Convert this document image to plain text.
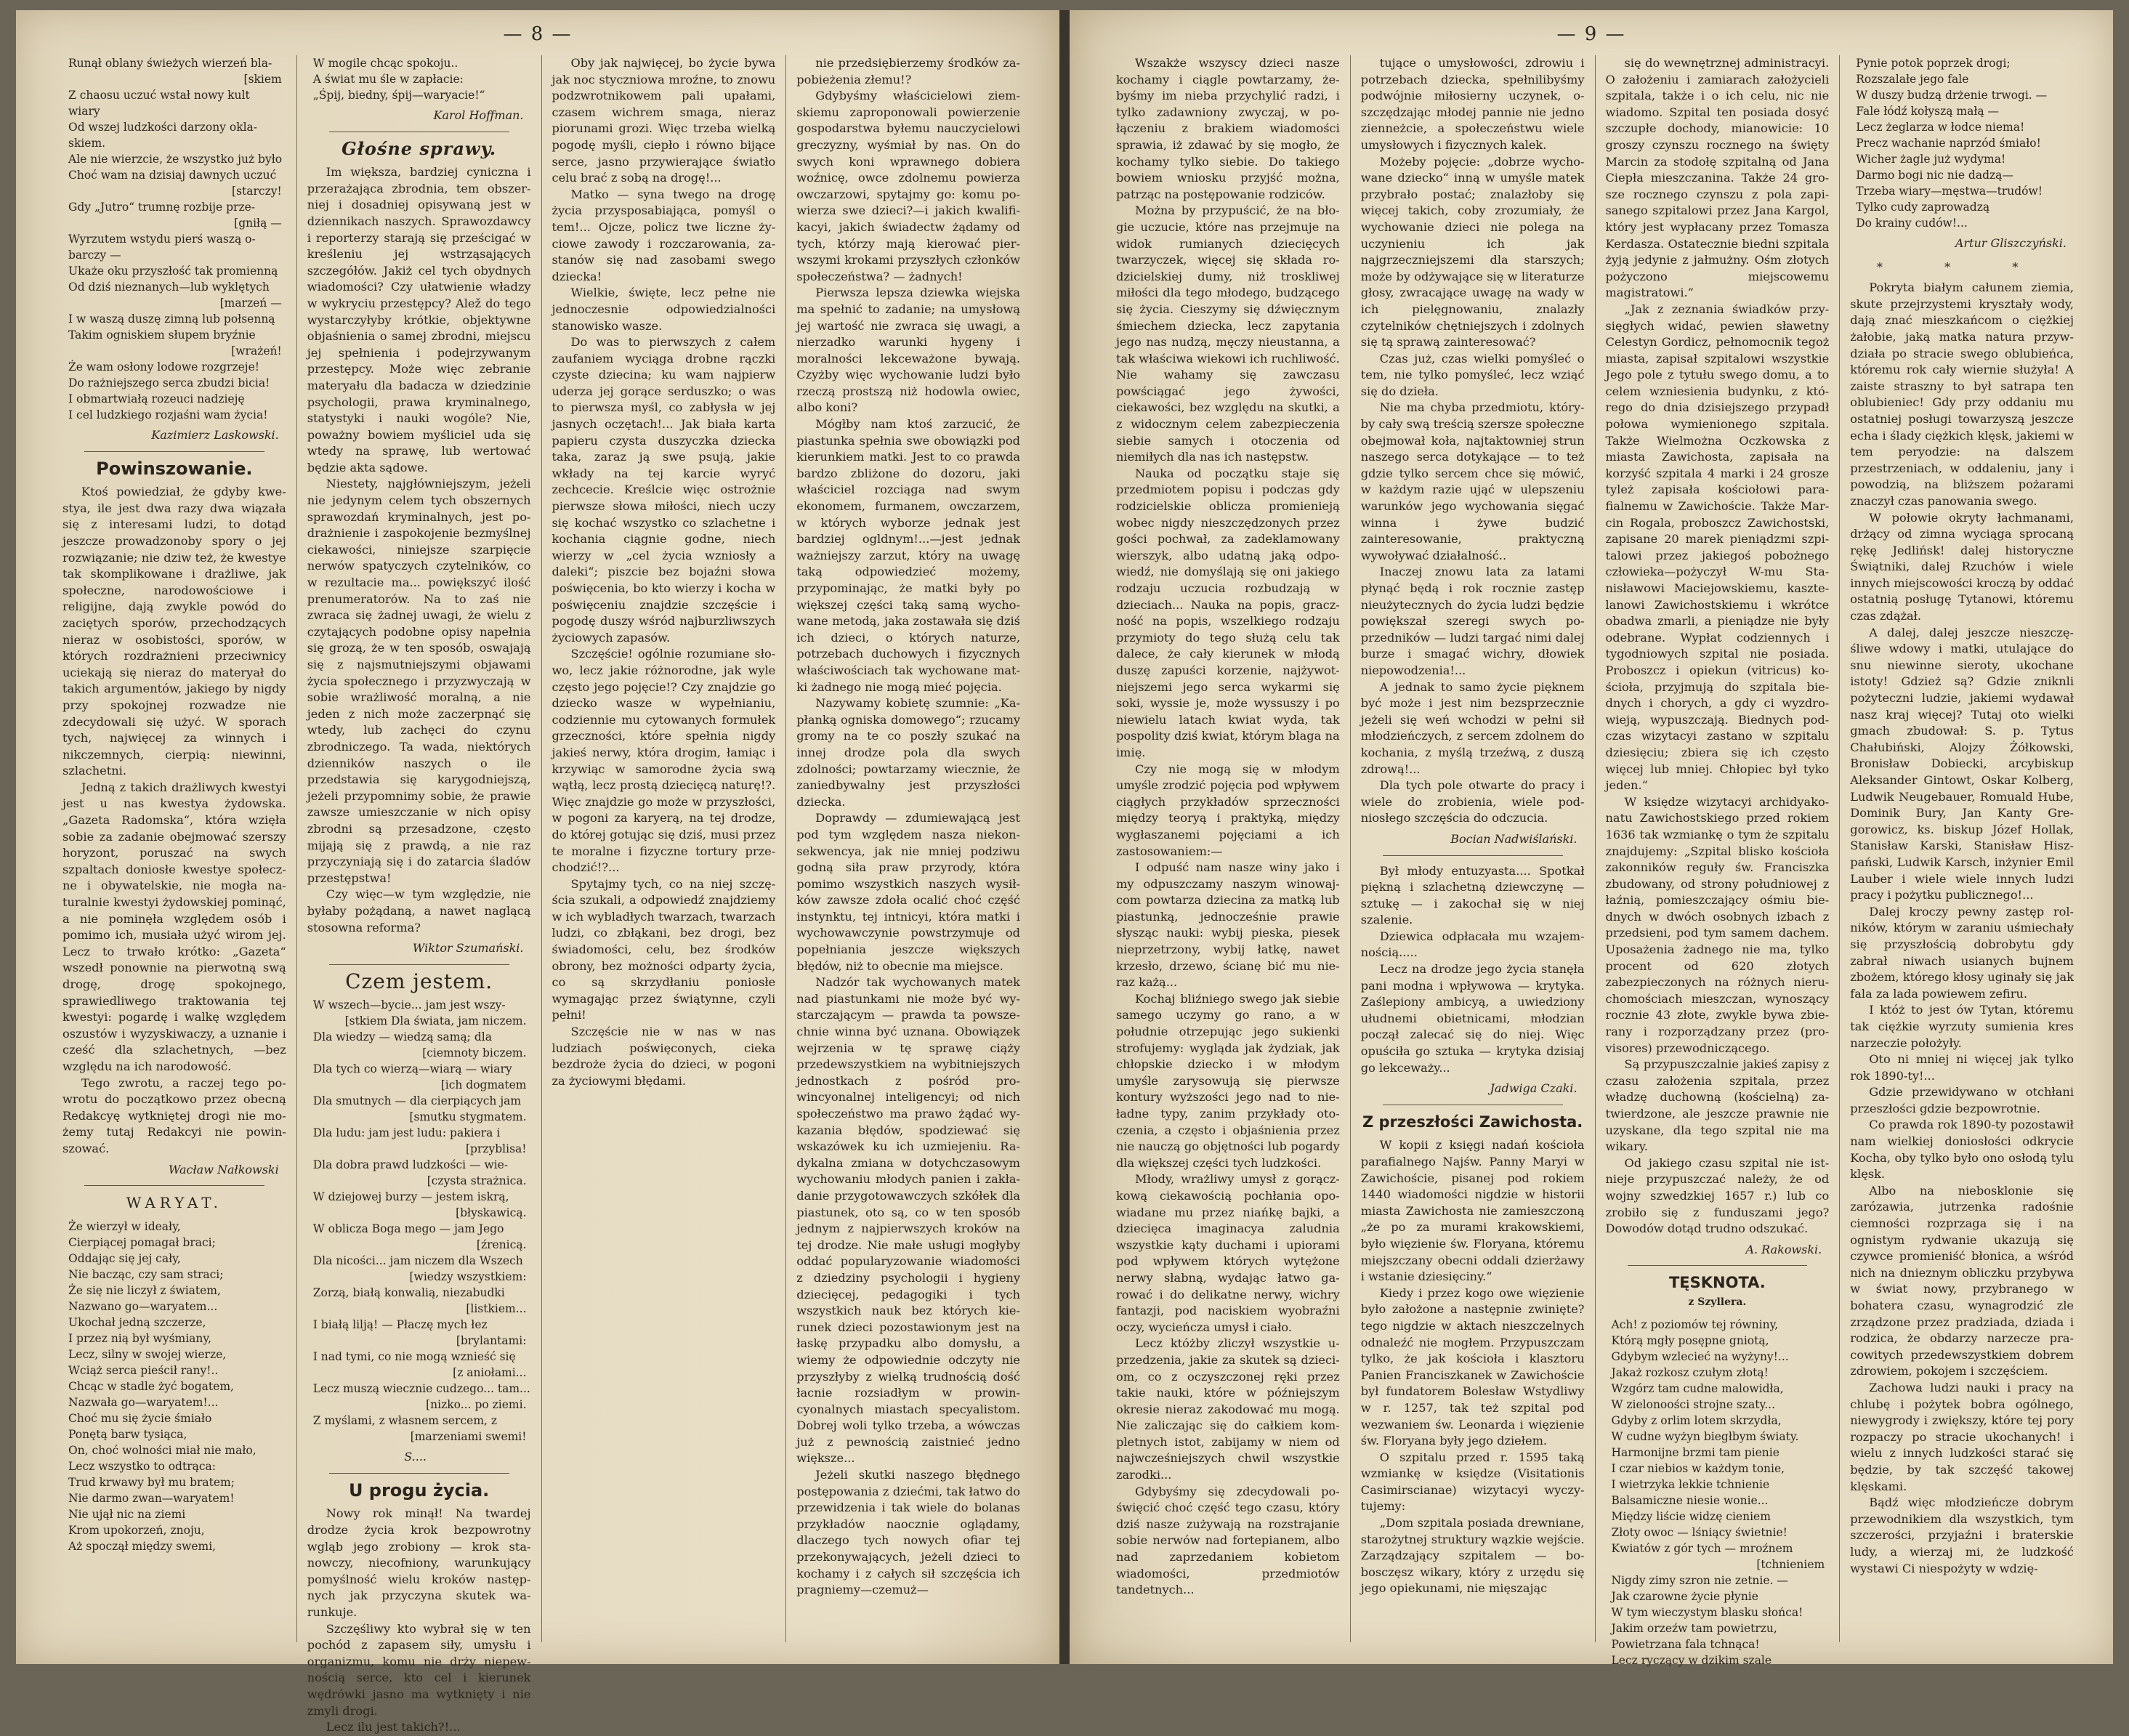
— 8 —
Runął oblany świeżych wierzeń bla-
[skiem
Z chaosu uczuć wstał nowy kult
wiary
Od wszej ludzkości darzony oklaskiem.
Ale nie wierzcie, że wszystko już było
Choć wam na dzisiaj dawnych uczuć
[starczy!
Gdy „Jutro“ trumnę rozbije prze-
[gniłą —
Wyrzutem wstydu pierś waszą o-
barczy —
Ukaże oku przyszłość tak promienną
Od dziś nieznanych—lub wyklętych
[marzeń —
I w waszą duszę zimną lub połsenną
Takim ogniskiem słupem bryźnie
[wrażeń!
Że wam osłony lodowe rozgrzeje!
Do rażniejszego serca zbudzi bicia!
I obmartwiałą rozeuci nadzieję
I cel ludzkiego rozjaśni wam życia!
Kazimierz Laskowski.
Powinszowanie.

Ktoś powiedział, że gdyby kwestya, ile jest dwa razy dwa wiązała się z interesami ludzi, to dotąd jeszcze prowadzonoby spory o jej rozwiązanie; nie dziw też, że kwestye tak skomplikowane i drażliwe, jak społeczne, narodowościowe i religijne, dają zwykle powód do zaciętych sporów, przechodzących nieraz w osobistości, sporów, w których rozdrażnieni przeciwnicy uciekają się nieraz do materyał do takich argumentów, jakiego by nigdy przy spokojnej rozwadze nie zdecydowali się użyć. W sporach tych, najwięcej za winnych i nikczemnych, cierpią: niewinni, szlachetni.

Jedną z takich drażliwych kwestyi jest u nas kwestya żydowska. „Gazeta Radomska“, która wzięła sobie za zadanie obejmować szerszy horyzont, poruszać na swych szpaltach doniosłe kwestye społeczne i obywatelskie, nie mogła naturalnie kwestyi żydowskiej pominąć, a nie pominęła względem osób i pomimo ich, musiała użyć wirom jej. Lecz to trwało krótko: „Gazeta“ wszedł ponownie na pierwotną swą drogę, drogę spokojnego, sprawiedliwego traktowania tej kwestyi: pogardę i walkę względem oszustów i wyzyskiwaczy, a uznanie i cześć dla szlachetnych, —bez względu na ich narodowość.

Tego zwrotu, a raczej tego powrotu do początkowo przez obecną Redakcyę wytkniętej drogi nie możemy tutaj Redakcyi nie powinszować.

Wacław Nałkowski
WARYAT.
Że wierzył w ideały,
Cierpiącej pomagał braci;
Oddając się jej cały,
Nie bacząc, czy sam straci;
Że się nie liczył z światem,
Nazwano go—waryatem...
Ukochał jedną szczerze,
I przez nią był wyśmiany,
Lecz, silny w swojej wierze,
Wciąż serca pieścił rany!..
Chcąc w stadle żyć bogatem,
Nazwała go—waryatem!...
Choć mu się życie śmiało
Ponętą barw tysiąca,
On, choć wolności miał nie mało,
Lecz wszystko to odtrąca:
Trud krwawy był mu bratem;
Nie darmo zwan—waryatem!
Nie ujął nic na ziemi
Krom upokorzeń, znoju,
Aż spoczął między swemi,
W mogile chcąc spokoju..
A świat mu śle w zapłacie:
„Śpij, biedny, śpij—waryacie!“
Karol Hoffman.
Głośne sprawy.

Im większa, bardziej cyniczna i przerażająca zbrodnia, tem obszerniej i dosadniej opisywaną jest w dziennikach naszych. Sprawozdawcy i reporterzy starają się prześcigać w kreśleniu jej wstrząsających szczegółów. Jakiż cel tych obydnych wiadomości? Czy ułatwienie władzy w wykryciu przestępcy? Alež do tego wystarczyłyby krótkie, objektywne objaśnienia o samej zbrodni, miejscu jej spełnienia i podejrzywanym przestępcy. Może więc zebranie materyału dla badacza w dziedzinie psychologii, prawa kryminalnego, statystyki i nauki wogóle? Nie, poważny bowiem myśliciel uda się wtedy na sprawę, lub wertować będzie akta sądowe.

Niestety, najgłówniejszym, jeżeli nie jedynym celem tych obszernych sprawozdań kryminalnych, jest podrażnienie i zaspokojenie bezmyślnej ciekawości, niniejsze szarpięcie nerwów spatyczych czytelników, co w rezultacie ma... powiększyć ilość prenumeratorów. Na to zaś nie zwraca się żadnej uwagi, że wielu z czytających podobne opisy napełnia się grozą, że w ten sposób, oswajają się z najsmutniejszymi objawami życia społecznego i przyzwyczają w sobie wrażliwość moralną, a nie jeden z nich może zaczerpnąć się wtedy, lub zachęci do czynu zbrodniczego. Ta wada, niektórych dzienników naszych o ile przedstawia się karygodniejszą, jeżeli przypomnimy sobie, że prawie zawsze umieszczanie w nich opisy zbrodni są przesadzone, często mijają się z prawdą, a nie raz przyczyniają się i do zatarcia śladów przestępstwa!

Czy więc—w tym względzie, nie byłaby pożądaną, a nawet naglącą stosowna reforma?

Wiktor Szumański.
Czem jestem.
W wszech—bycie... jam jest wszy-
[stkiem Dla świata, jam niczem.
Dla wiedzy — wiedzą samą; dla
[ciemnoty biczem.
Dla tych co wierzą—wiarą — wiary
[ich dogmatem
Dla smutnych — dla cierpiących jam
[smutku stygmatem.
Dla ludu: jam jest ludu: pakiera i
[przyblisa!
Dla dobra prawd ludzkości — wie-
[czysta strażnica.
W dziejowej burzy — jestem iskrą,
[błyskawicą.
W oblicza Boga mego — jam Jego
[źrenicą.
Dla nicości... jam niczem dla Wszech
[wiedzy wszystkiem:
Zorzą, białą konwalią, niezabudki
[listkiem...
I białą lilją! — Płaczę mych łez
[brylantami:
I nad tymi, co nie mogą wznieść się
[z aniołami...
Lecz muszą wiecznie cudzego... tam...
[nizko... po ziemi.
Z myślami, z własnem sercem, z
[marzeniami swemi!
S....
U progu życia.

Nowy rok minął! Na twardej drodze życia krok bezpowrotny wgląb jego zrobiony — krok stanowczy, niecofniony, warunkujący pomyślność wielu kroków następnych jak przyczyna skutek warunkuje.

Szczęśliwy kto wybrał się w ten pochód z zapasem siły, umysłu i organizmu, komu nie drży niepewnością serce, kto cel i kierunek wędrówki jasno ma wytknięty i nie zmyli drogi.

Lecz ilu jest takich?!...

Oby jak najwięcej, bo życie bywa jak noc styczniowa mroźne, to znowu podzwrotnikowem pali upałami, czasem wichrem smaga, nieraz piorunami grozi. Więc trzeba wielką pogodę myśli, ciepło i równo bijące serce, jasno przywierające światło celu brać z sobą na drogę!...

Matko — syna twego na drogę życia przysposabiająca, pomyśl o tem!... Ojcze, policz twe liczne życiowe zawody i rozczarowania, zastanów się nad zasobami swego dziecka!

Wielkie, święte, lecz pełne nie jednoczesnie odpowiedzialności stanowisko wasze.

Do was to pierwszych z całem zaufaniem wyciąga drobne rączki czyste dziecina; ku wam najpierw uderza jej gorące serduszko; o was to pierwsza myśl, co zabłysła w jej jasnych oczętach!... Jak biała karta papieru czysta duszyczka dziecka taka, zaraz ją swe psują, jakie wkłady na tej karcie wyryć zechcecie. Kreślcie więc ostrożnie pierwsze słowa miłości, niech uczy się kochać wszystko co szlachetne i kochania ciągnie godne, niech wierzy w „cel życia wzniosły a daleki“; piszcie bez bojaźni słowa poświęcenia, bo kto wierzy i kocha w poświęceniu znajdzie szczęście i pogodę duszy wśród najburzliwszych życiowych zapasów.

Szczęście! ogólnie rozumiane słowo, lecz jakie różnorodne, jak wyle często jego pojęcie!? Czy znajdzie go dziecko wasze w wypełnianiu, codziennie mu cytowanych formułek grzeczności, które spełnia nigdy jakieś nerwy, która drogim, łamiąc i krzywiąc w samorodne życia swą wątłą, lecz prostą dziecięcą naturę!?. Więc znajdzie go może w przyszłości, w pogoni za karyerą, na tej drodze, do której gotując się dziś, musi przez te moralne i fizyczne tortury przechodzić!?...

Spytajmy tych, co na niej szczęścia szukali, a odpowiedź znajdziemy w ich wybladłych twarzach, twarzach ludzi, co zbłąkani, bez drogi, bez świadomości, celu, bez środków obrony, bez możności odparty życia, co są skrzydłaniu poniosłe wymagając przez świątynne, czyli pełni!

Szczęście nie w nas w nas ludziach poświęconych, cieka bezdroże życia do dzieci, w pogoni za życiowymi błędami.

nie przedsiębierzemy środków zapobieżenia złemu!?

Gdybyśmy właścicielowi ziemskiemu zaproponowali powierzenie gospodarstwa byłemu nauczycielowi greczyzny, wyśmiał by nas. On do swych koni wprawnego dobiera woźnicę, owce zdolnemu powierza owczarzowi, spytajmy go: komu powierza swe dzieci?—i jakich kwalifikacyi, jakich świadectw żądamy od tych, którzy mają kierować pierwszymi krokami przyszłych członków społeczeństwa? — żadnych!

Pierwsza lepsza dziewka wiejska ma spełnić to zadanie; na umysłową jej wartość nie zwraca się uwagi, a nierzadko warunki hygeny i moralności lekceważone bywają. Czyżby więc wychowanie ludzi było rzeczą prostszą niż hodowla owiec, albo koni?

Mógłby nam ktoś zarzucić, że piastunka spełnia swe obowiązki pod kierunkiem matki. Jest to co prawda bardzo zbliżone do dozoru, jaki właściciel rozciąga nad swym ekonomem, furmanem, owczarzem, w których wyborze jednak jest bardziej ogldnym!...—jest jednak ważniejszy zarzut, który na uwagę taką odpowiedzieć możemy, przypominając, że matki były po większej części taką samą wychowane metodą, jaka zostawała się dziś ich dzieci, o których naturze, potrzebach duchowych i fizycznych właściwościach tak wychowane matki żadnego nie mogą mieć pojęcia.

Nazywamy kobietę szumnie: „Kapłanką ogniska domowego“; rzucamy gromy na te co poszły szukać na innej drodze pola dla swych zdolności; powtarzamy wiecznie, że zaniedbywalny jest przyszłości dziecka.

Doprawdy — zdumiewającą jest pod tym względem nasza niekonsekwencya, jak nie mniej podziwu godną siła praw przyrody, która pomimo wszystkich naszych wysiłków zawsze zdoła ocalić choć część instynktu, tej intnicyi, która matki i wychowawczynie powstrzymuje od popełniania jeszcze większych błędów, niż to obecnie ma miejsce.

Nadzór tak wychowanych matek nad piastunkami nie może być wystarczającym — prawda ta powszechnie winna być uznana. Obowiązek wejrzenia w tę sprawę ciąży przedewszystkiem na wybitniejszych jednostkach z pośród prowincyonalnej inteligencyi; od nich społeczeństwo ma prawo żądać wykazania błędów, spodziewać się wskazówek ku ich uzmiejeniu. Radykalna zmiana w dotychczasowym wychowaniu młodych panien i zakładanie przygotowawczych szkółek dla piastunek, oto są, co w ten sposób jednym z najpierwszych kroków na tej drodze. Nie małe usługi mogłyby oddać popularyzowanie wiadomości z dziedziny psychologii i hygieny dziecięcej, pedagogiki i tych wszystkich nauk bez których kierunek dzieci pozostawionym jest na łaskę przypadku albo domysłu, a wiemy że odpowiednie odczyty nie przyszłyby z wielką trudnością dość łacnie rozsiadłym w prowincyonalnych miastach specyalistom. Dobrej woli tylko trzeba, a wówczas już z pewnością zaistnieć jedno większe...

Jeżeli skutki naszego błędnego postępowania z dziećmi, tak łatwo do przewidzenia i tak wiele do bolanas przykładów naocznie oglądamy, dlaczego tych nowych ofiar tej przekonywających, jeżeli dzieci to kochamy i z całych sił szczęścia ich pragniemy—czemuż—

— 9 —

Wszakże wszyscy dzieci nasze kochamy i ciągle powtarzamy, żebyśmy im nieba przychylić radzi, i tylko zadawniony zwyczaj, w połączeniu z brakiem wiadomości sprawia, iż zdawać by się mogło, że kochamy tylko siebie. Do takiego bowiem wniosku przyjść można, patrząc na postępowanie rodziców.

Można by przypuścić, że na błogie uczucie, które nas przejmuje na widok rumianych dziecięcych twarzyczek, więcej się składa rodzicielskiej dumy, niż troskliwej miłości dla tego młodego, budzącego się życia. Cieszymy się dźwięcznym śmiechem dziecka, lecz zapytania jego nas nudzą, męczy nieustanna, a tak właściwa wiekowi ich ruchliwość. Nie wahamy się zawczasu powściągać jego żywości, ciekawości, bez względu na skutki, a z widocznym celem zabezpieczenia siebie samych i otoczenia od niemiłych dla nas ich następstw.

Nauka od początku staje się przedmiotem popisu i podczas gdy rodzicielskie oblicza promienieją wobec nigdy nieszczędzonych przez gości pochwał, za zadeklamowany wierszyk, albo udatną jaką odpowiedź, nie domyślają się oni jakiego rodzaju uczucia rozbudzają w dzieciach... Nauka na popis, graczność na popis, wszelkiego rodzaju przymioty do tego służą celu tak dalece, że cały kierunek w młodą duszę zapuści korzenie, najżywotniejszemi jego serca wykarmi się soki, wyssie je, może wyssuszy i po niewielu latach kwiat wyda, tak pospolity dziś kwiat, którym blaga na imię.

Czy nie mogą się w młodym umyśle zrodzić pojęcia pod wpływem ciągłych przykładów sprzeczności między teoryą i praktyką, między wygłaszanemi pojęciami a ich zastosowaniem:—

I odpuść nam nasze winy jako i my odpuszczamy naszym winowajcom powtarza dziecina za matką lub piastunką, jednocześnie prawie słysząc nauki: wybij pieska, piesek nieprzetrzony, wybij łatkę, nawet krzesło, drzewo, ścianę bić mu nieraz każą...

Kochaj bliźniego swego jak siebie samego uczymy go rano, a w południe otrzepując jego sukienki strofujemy: wygląda jak żydziak, jak chłopskie dziecko i w młodym umyśle zarysowują się pierwsze kontury wyższości jego nad to nieładne typy, zanim przykłady otoczenia, a często i objaśnienia przez nie nauczą go objętności lub pogardy dla większej części tych ludzkości.

Młody, wrażliwy umysł z gorączkową ciekawością pochłania opowiadane mu przez niańkę bajki, a dziecięca imaginacya zaludnia wszystkie kąty duchami i upiorami pod wpływem których wytężone nerwy słabną, wydając łatwo garować i do delikatne nerwy, wichry fantazji, pod naciskiem wyobraźni oczy, wycieńcza umysł i ciało.

Lecz któżby zliczył wszystkie uprzedzenia, jakie za skutek są dzieciom, co z oczyszczonej ręki przez takie nauki, które w późniejszym okresie nieraz zakodować mu mogą. Nie zaliczając się do całkiem kompletnych istot, zabijamy w niem od najwcześniejszych chwil wszystkie zarodki...

Gdybyśmy się zdecydowali poświęcić choć część tego czasu, który dziś nasze zużywają na rozstrajanie sobie nerwów nad fortepianem, albo nad zaprzedaniem kobietom wiadomości, przedmiotów tandetnych...

tujące o umysłowości, zdrowiu i potrzebach dziecka, spełnilibyśmy podwójnie miłosierny uczynek, oszczędzając młodej pannie nie jedno zienneżcie, a społeczeństwu wiele umysłowych i fizycznych kalek.

Możeby pojęcie: „dobrze wychowane dziecko“ inną w umyśle matek przybrało postać; znalazłoby się więcej takich, coby zrozumiały, że wychowanie dzieci nie polega na uczynieniu ich jak najgrzeczniejszemi dla starszych; może by odżywające się w literaturze głosy, zwracające uwagę na wady w ich pielęgnowaniu, znalazły czytelników chętniejszych i zdolnych się tą sprawą zainteresować?

Czas już, czas wielki pomyśleć o tem, nie tylko pomyśleć, lecz wziąć się do dzieła.

Nie ma chyba przedmiotu, któryby cały swą treścią szersze społeczne obejmował koła, najtaktowniej strun naszego serca dotykające — to też gdzie tylko sercem chce się mówić, w każdym razie ująć w ulepszeniu warunków jego wychowania sięgać winna i żywe budzić zainteresowanie, praktyczną wywoływać działalność..

Inaczej znowu lata za latami płynąć będą i rok rocznie zastęp nieużytecznych do życia ludzi będzie powiększał szeregi swych poprzedników — ludzi targać nimi dalej burze i smagać wichry, dłowiek niepowodzenia!...

A jednak to samo życie pięknem być może i jest nim bezsprzecznie jeżeli się weń wchodzi w pełni sił młodzieńczych, z sercem zdolnem do kochania, z myślą trzeźwą, z duszą zdrową!...

Dla tych pole otwarte do pracy i wiele do zrobienia, wiele podniosłego szczęścia do odczucia.

Bocian Nadwiślański.

Był młody entuzyasta.... Spotkał piękną i szlachetną dziewczynę — sztukę — i zakochał się w niej szalenie.

Dziewica odpłacała mu wzajemnością.....

Lecz na drodze jego życia stanęła pani modna i wpływowa — krytyka. Zaślepiony ambicyą, a uwiedziony ułudnemi obietnicami, młodzian począł zalecać się do niej. Więc opuściła go sztuka — krytyka dzisiaj go lekceważy...

Jadwiga Czaki.
Z przeszłości Zawichosta.

W kopii z księgi nadań kościoła parafialnego Najśw. Panny Maryi w Zawichoście, pisanej pod rokiem 1440 wiadomości nigdzie w historii miasta Zawichosta nie zamieszczoną „że po za murami krakowskiemi, było więzienie św. Floryana, któremu miejszczany obecni oddali dzierżawy i wstanie dziesięciny.“

Kiedy i przez kogo owe więzienie było założone a następnie zwinięte? tego nigdzie w aktach nieszczelnych odnaleźć nie mogłem. Przypuszczam tylko, że jak kościoła i klasztoru Panien Franciszkanek w Zawichoście był fundatorem Bolesław Wstydliwy w r. 1257, tak też szpital pod wezwaniem św. Leonarda i więzienie św. Floryana były jego dziełem.

O szpitalu przed r. 1595 taką wzmiankę w księdze (Visitationis Casimirscianae) wizytacyi wyczytujemy:

„Dom szpitala posiada drewniane, starożytnej struktury wązkie wejście. Zarządzający szpitalem — bobosczęsz wikary, który z urzędu się jego opiekunami, nie mięszając

się do wewnętrznej administracyi. O założeniu i zamiarach założycieli szpitala, także i o ich celu, nic nie wiadomo. Szpital ten posiada dosyć szczupłe dochody, mianowicie: 10 groszy czynszu rocznego na święty Marcin za stodołę szpitalną od Jana Ciepła mieszczanina. Także 24 grosze rocznego czynszu z pola zapisanego szpitalowi przez Jana Kargol, który jest wypłacany przez Tomasza Kerdasza. Ostatecznie biedni szpitala żyją jedynie z jałmużny. Ośm złotych pożyczono miejscowemu magistratowi.“

„Jak z zeznania świadków przysięgłych widać, pewien sławetny Celestyn Gordicz, pełnomocnik tegoż miasta, zapisał szpitalowi wszystkie Jego pole z tytułu swego domu, a to celem wzniesienia budynku, z którego do dnia dzisiejszego przypadł połowa wymienionego szpitala. Także Wielmożna Oczkowska z miasta Zawichosta, zapisała na korzyść szpitala 4 marki i 24 grosze tyleż zapisała kościołowi parafialnemu w Zawichoście. Także Marcin Rogala, proboszcz Zawichostski, zapisane 20 marek pieniądzmi szpitalowi przez jakiegoś pobożnego człowieka—pożyczył W-mu Stanisławowi Maciejowskiemu, kasztelanowi Zawichostskiemu i wkrótce obadwa zmarli, a pieniądze nie były odebrane. Wypłat codziennych i tygodniowych szpital nie posiada. Proboszcz i opiekun (vitricus) kościoła, przyjmują do szpitala biednych i chorych, a gdy ci wyzdrowieją, wypuszczają. Biednych podczas wizytacyi zastano w szpitalu dziesięciu; zbiera się ich często więcej lub mniej. Chłopiec był tyko jeden.“

W księdze wizytacyi archidyakonatu Zawichostskiego przed rokiem 1636 tak wzmiankę o tym że szpitalu znajdujemy: „Szpital blisko kościoła zakonników reguły św. Franciszka zbudowany, od strony południowej z łaźnią, pomieszczający ośmiu biednych w dwóch osobnych izbach z przedsieni, pod tym samem dachem. Uposażenia żadnego nie ma, tylko procent od 620 złotych zabezpieczonych na różnych nieruchomościach mieszczan, wynoszący rocznie 43 złote, zwykle bywa zbierany i rozporządzany przez (provisores) przewodniczącego.

Są przypuszczalnie jakieś zapisy z czasu założenia szpitala, przez władzę duchowną (kościelną) zatwierdzone, ale jeszcze prawnie nie uzyskane, dla tego szpital nie ma wikary.

Od jakiego czasu szpital nie istnieje przypuszczać należy, że od wojny szwedzkiej 1657 r.) lub co zrobiło się z funduszami jego? Dowodów dotąd trudno odszukać.

A. Rakowski.
TĘSKNOTA.
z Szyllera.
Ach! z poziomów tej równiny,
Którą mgły posępne gniotą,
Gdybym wzlecieć na wyżyny!...
Jakaż rozkosz czułym złotą!
Wzgórz tam cudne malowidła,
W zielonoości strojne szaty...
Gdyby z orlim lotem skrzydła,
W cudne wyżyn biegłbym światy.
Harmonijne brzmi tam pienie
I czar niebios w każdym tonie,
I wietrzyka lekkie tchnienie
Balsamiczne niesie wonie...
Między liście widzę cieniem
Złoty owoc — lśniący świetnie!
Kwiatów z gór tych — mroźnem
[tchnieniem
Nigdy zimy szron nie zetnie. —
Jak czarowne życie płynie
W tym wieczystym blasku słońca!
Jakim orzeźw tam powietrzu,
Powietrzana fala tchnąca!
Lecz ryczący w dzikim szale
Pynie potok poprzek drogi;
Rozszalałe jego fale
W duszy budzą drżenie trwogi. —
Fale łódź kołyszą małą —
Lecz żeglarza w łodce niema!
Precz wachanie naprzód śmiało!
Wicher żagle już wydyma!
Darmo bogi nic nie dadzą—
Trzeba wiary—męstwa—trudów!
Tylko cudy zaprowadzą
Do krainy cudów!...
Artur Gliszczyński.
* * *

Pokryta białym całunem ziemia, skute przejrzystemi kryształy wody, dają znać mieszkańcom o ciężkiej żałobie, jaką matka natura przywdziała po stracie swego oblubieńca, któremu rok cały wiernie służyła! A zaiste straszny to był satrapa ten oblubieniec! Gdy przy oddaniu mu ostatniej posługi towarzyszą jeszcze echa i ślady ciężkich klęsk, jakiemi w tem peryodzie: na dalszem przestrzeniach, w oddaleniu, jany i powodzią, na bliższem pożarami znaczył czas panowania swego.

W połowie okryty łachmanami, drżący od zimna wyciąga sprocaną rękę Jedlińsk! dalej historyczne Świątniki, dalej Rzuchów i wiele innych miejscowości kroczą by oddać ostatnią posługę Tytanowi, któremu czas zdążał.

A dalej, dalej jeszcze nieszczęśliwe wdowy i matki, utulające do snu niewinne sieroty, ukochane istoty! Gdzież są? Gdzie zniknli pożyteczni ludzie, jakiemi wydawał nasz kraj więcej? Tutaj oto wielki gmach zbudował: S. p. Tytus Chałubiński, Alojzy Żółkowski, Bronisław Dobiecki, arcybiskup Aleksander Gintowt, Oskar Kolberg, Ludwik Neugebauer, Romuald Hube, Dominik Bury, Jan Kanty Gregorowicz, ks. biskup Józef Hollak, Stanisław Karski, Stanisław Hiszpański, Ludwik Karsch, inżynier Emil Lauber i wiele wiele innych ludzi pracy i pożytku publicznego!...

Dalej kroczy pewny zastęp rolników, którym w zaraniu uśmiechały się przyszłością dobrobytu gdy zabrał niwach usianych bujnem zbożem, którego kłosy uginały się jak fala za lada powiewem zefiru.

I któż to jest ów Tytan, któremu tak ciężkie wyrzuty sumienia kres narzeczie położyły.

Oto ni mniej ni więcej jak tylko rok 1890-ty!...

Gdzie przewidywano w otchłani przeszłości gdzie bezpowrotnie.

Co prawda rok 1890-ty pozostawił nam wielkiej doniosłości odkrycie Kocha, oby tylko było ono osłodą tylu klęsk.

Albo na niebosklonie się zarózawia, jutrzenka radośnie ciemności rozprzaga się i na ognistym rydwanie ukazują się czywce promieniść błonica, a wśród nich na dnieznym obliczku przybywa w świat nowy, przybranego w bohatera czasu, wynagrodzić zle zrządzone przez pradziada, dziada i rodzica, że obdarzy narzecze pracowitych przedewszystkiem dobrem zdrowiem, pokojem i szczęściem.

Zachowa ludzi nauki i pracy na chlubę i pożytek bobra ogólnego, niewygrody i zwiększy, które tej pory rozpaczy po stracie ukochanych! i wielu z innych ludzkości starać się będzie, by tak szczęść takowej klęskami.

Bądź więc młodzieńcze dobrym przewodnikiem dla wszystkich, tym szczerości, przyjaźni i braterskie ludy, a wierzaj mi, że ludzkość wystawi Ci niespożyty w wdzię-
